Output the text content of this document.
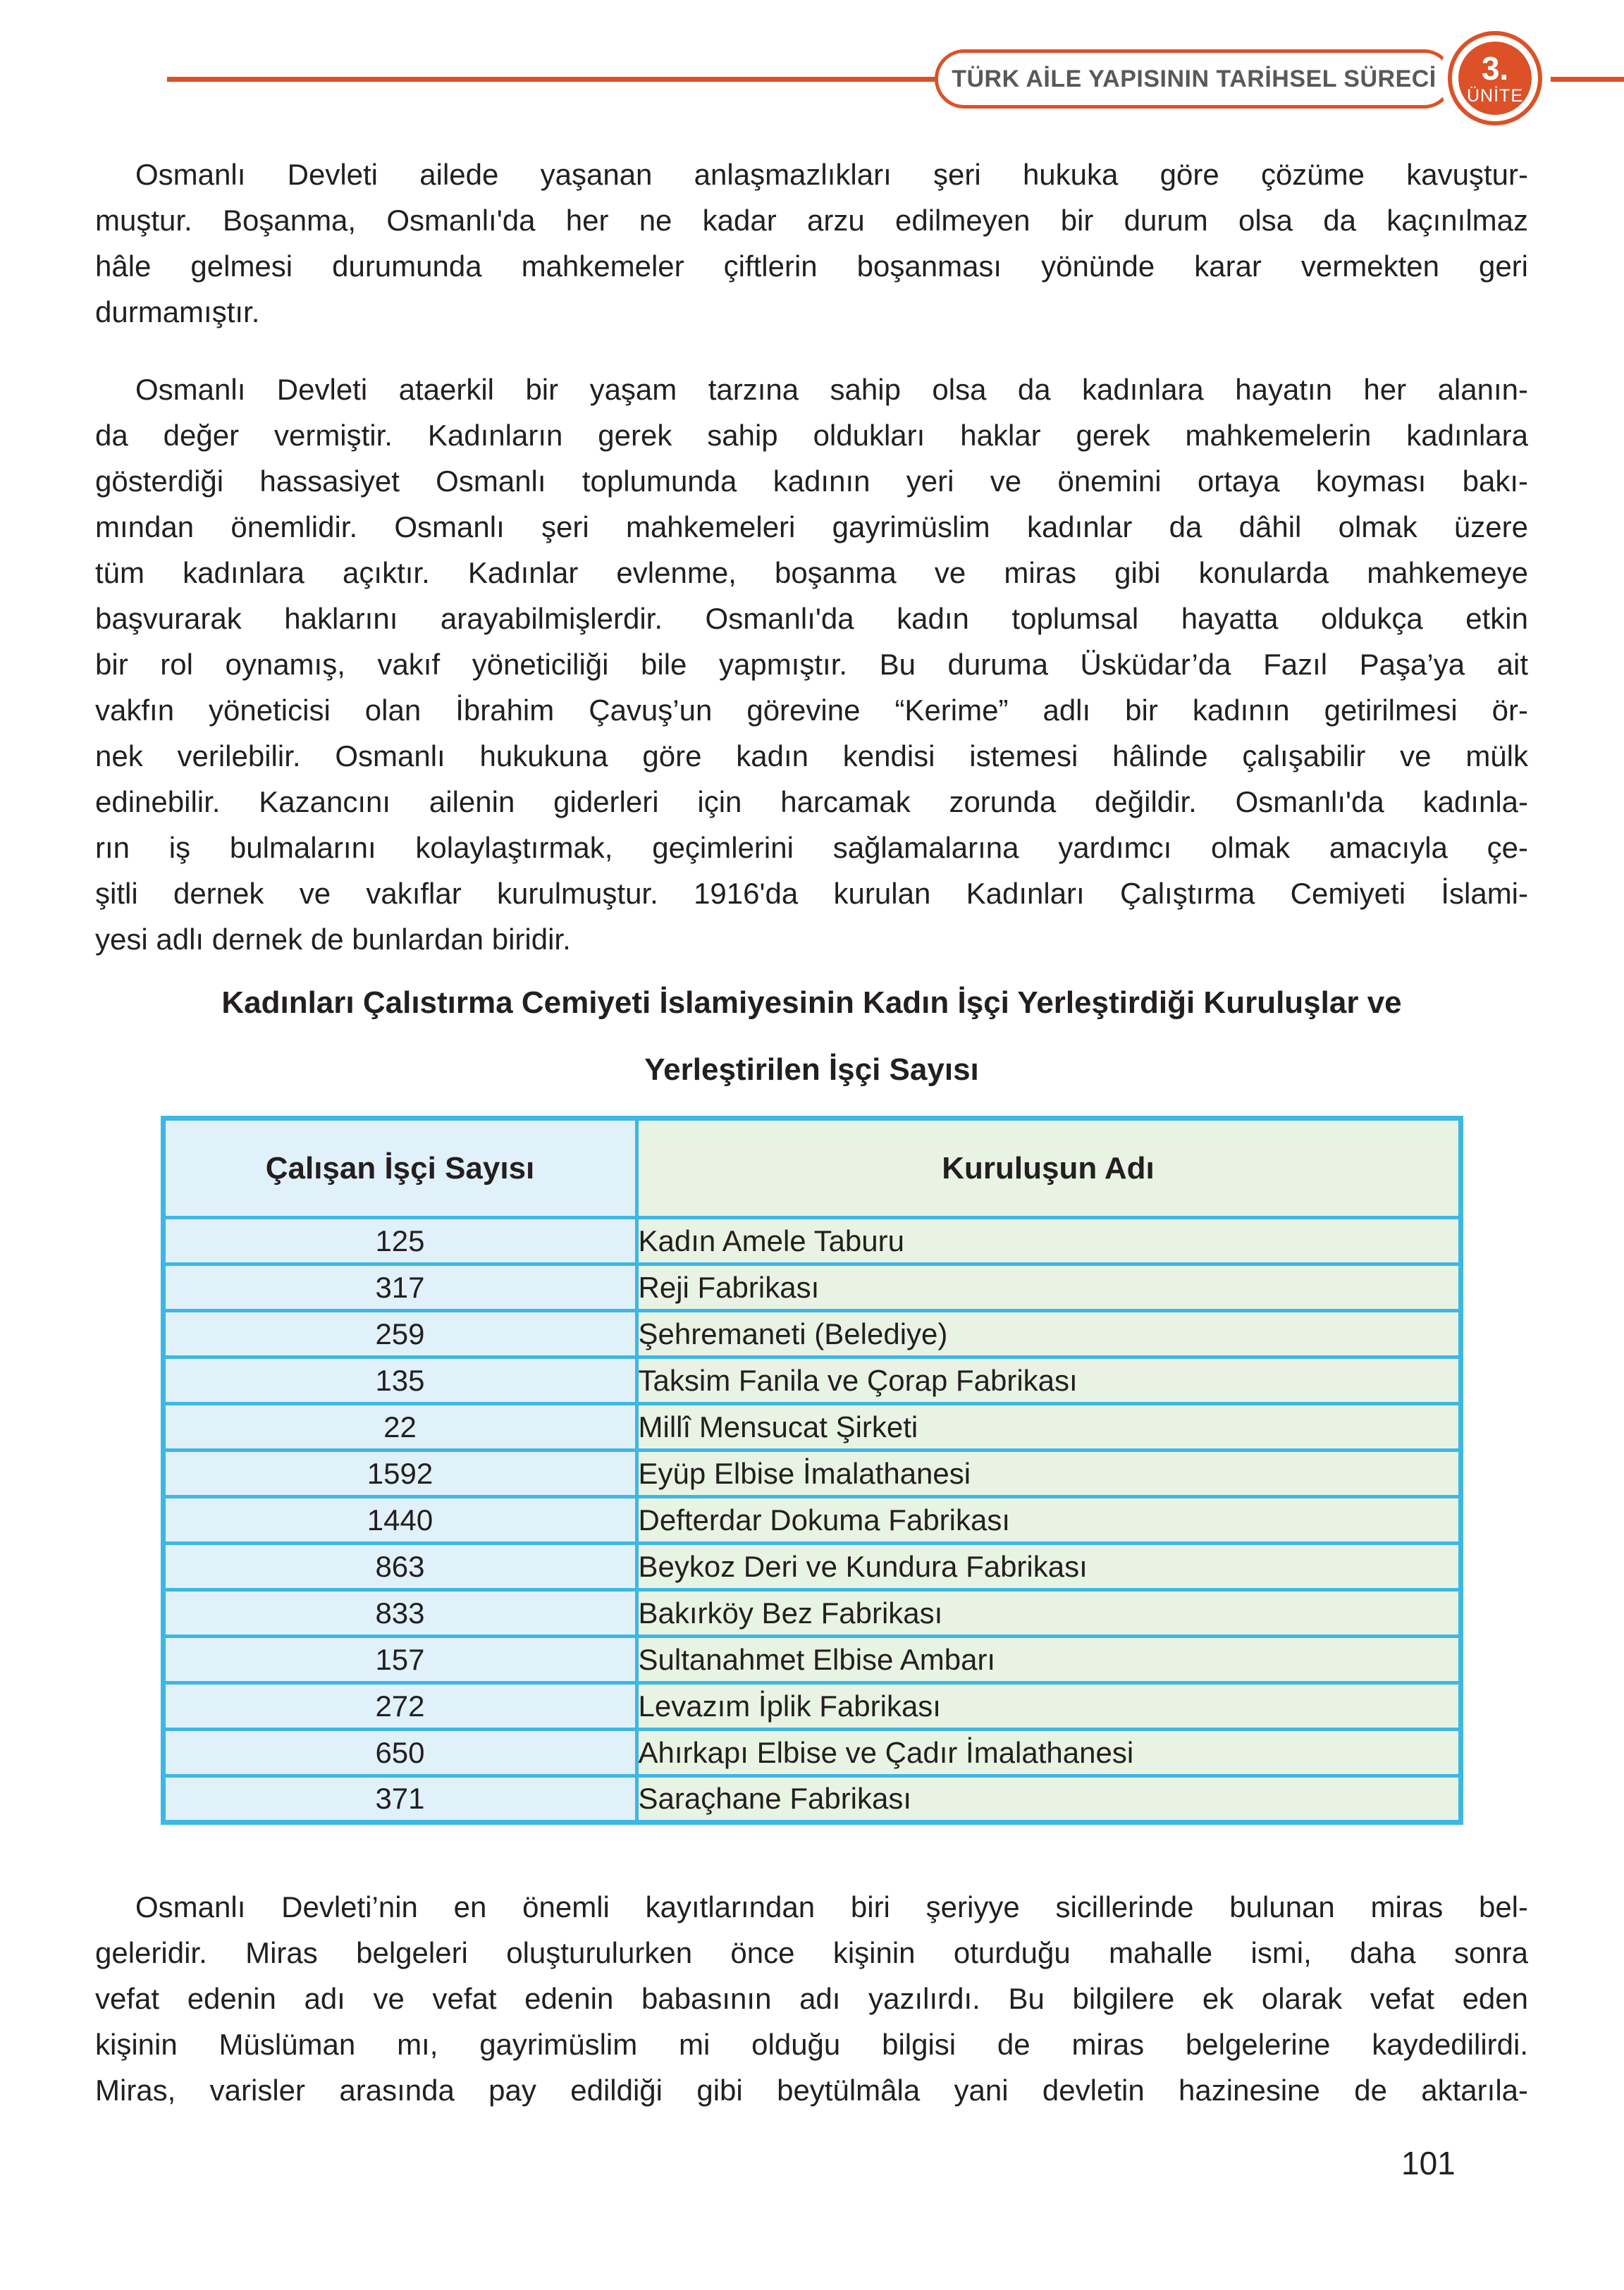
TÜRK AİLE YAPISININ TARİHSEL SÜRECİ 3.
ÜNİTE
Osmanlı Devleti ailede yaşanan anlaşmazlıkları şeri hukuka göre çözüme kavuştur-
muştur. Boşanma, Osmanlı'da her ne kadar arzu edilmeyen bir durum olsa da kaçınılmaz
hâle gelmesi durumunda mahkemeler çiftlerin boşanması yönünde karar vermekten geri
durmamıştır.
Osmanlı Devleti ataerkil bir yaşam tarzına sahip olsa da kadınlara hayatın her alanın-
da değer vermiştir. Kadınların gerek sahip oldukları haklar gerek mahkemelerin kadınlara
gösterdiği hassasiyet Osmanlı toplumunda kadının yeri ve önemini ortaya koyması bakı-
mından önemlidir. Osmanlı şeri mahkemeleri gayrimüslim kadınlar da dâhil olmak üzere
tüm kadınlara açıktır. Kadınlar evlenme, boşanma ve miras gibi konularda mahkemeye
başvurarak haklarını arayabilmişlerdir. Osmanlı'da kadın toplumsal hayatta oldukça etkin
bir rol oynamış, vakıf yöneticiliği bile yapmıştır. Bu duruma Üsküdar’da Fazıl Paşa’ya ait
vakfın yöneticisi olan İbrahim Çavuş’un görevine “Kerime” adlı bir kadının getirilmesi ör-
nek verilebilir. Osmanlı hukukuna göre kadın kendisi istemesi hâlinde çalışabilir ve mülk
edinebilir. Kazancını ailenin giderleri için harcamak zorunda değildir. Osmanlı'da kadınla-
rın iş bulmalarını kolaylaştırmak, geçimlerini sağlamalarına yardımcı olmak amacıyla çe-
şitli dernek ve vakıflar kurulmuştur. 1916'da kurulan Kadınları Çalıştırma Cemiyeti İslami-
yesi adlı dernek de bunlardan biridir.
Kadınları Çalıstırma Cemiyeti İslamiyesinin Kadın İşçi Yerleştirdiği Kuruluşlar ve
Yerleştirilen İşçi Sayısı
Çalışan İşçi Sayısı	Kuruluşun Adı
125	Kadın Amele Taburu
317	Reji Fabrikası
259	Şehremaneti (Belediye)
135	Taksim Fanila ve Çorap Fabrikası
22	Millî Mensucat Şirketi
1592	Eyüp Elbise İmalathanesi
1440	Defterdar Dokuma Fabrikası
863	Beykoz Deri ve Kundura Fabrikası
833	Bakırköy Bez Fabrikası
157	Sultanahmet Elbise Ambarı
272	Levazım İplik Fabrikası
650	Ahırkapı Elbise ve Çadır İmalathanesi
371	Saraçhane Fabrikası
Osmanlı Devleti’nin en önemli kayıtlarından biri şeriyye sicillerinde bulunan miras bel-
geleridir. Miras belgeleri oluşturulurken önce kişinin oturduğu mahalle ismi, daha sonra
vefat edenin adı ve vefat edenin babasının adı yazılırdı. Bu bilgilere ek olarak vefat eden
kişinin Müslüman mı, gayrimüslim mi olduğu bilgisi de miras belgelerine kaydedilirdi.
Miras, varisler arasında pay edildiği gibi beytülmâla yani devletin hazinesine de aktarıla-
101
